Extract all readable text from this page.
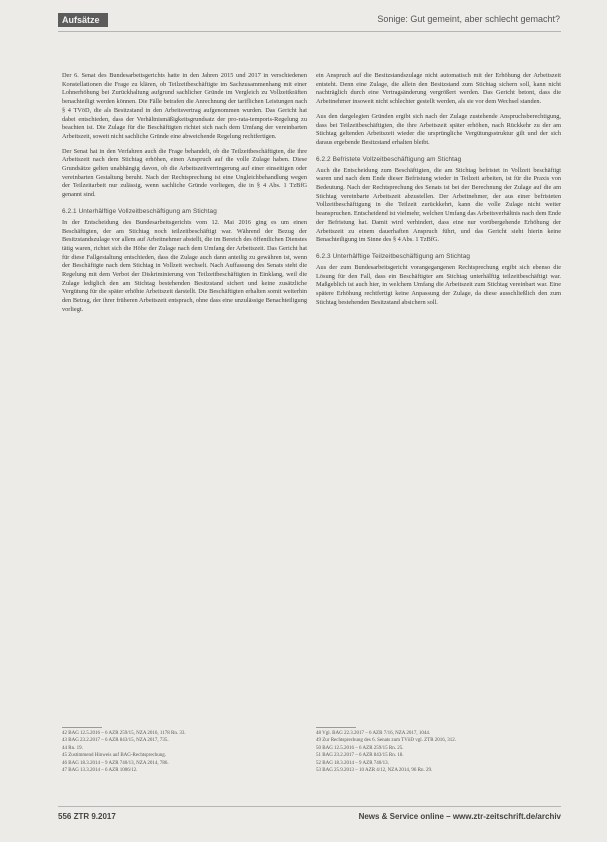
Aufsätze	Sonige: Gut gemeint, aber schlecht gemacht?

Der 6. Senat des Bundesarbeitsgerichts hatte in den Jahren 2015 und 2017 in verschiedenen Konstellationen die Frage zu klären, ob Teilzeitbeschäftigte im Sachzusammenhang mit einer Lohnerhöhung bei Zurückhaltung aufgrund sachlicher Gründe im Vergleich zu Vollzeitkräften benachteiligt werden können. Die Fälle betrafen die Anrechnung der tariflichen Leistungen nach § 4 TVöD, die als Besitzstand in den Arbeitsvertrag aufgenommen wurden. Das Gericht hat dabei entschieden, dass der Verhältnismäßigkeitsgrundsatz der pro-rata-temporis-Regelung zu beachten ist. Die Zulage für die Beschäftigten richtet sich nach dem Umfang der vereinbarten Arbeitszeit, soweit nicht sachliche Gründe eine abweichende Regelung rechtfertigen.

Der Senat hat in den Verfahren auch die Frage behandelt, ob die Teilzeitbeschäftigten, die ihre Arbeitszeit nach dem Stichtag erhöhen, einen Anspruch auf die volle Zulage haben. Diese Grundsätze gelten unabhängig davon, ob die Arbeitszeitverringerung auf einer einseitigen oder vereinbarten Gestaltung beruht. Nach der Rechtsprechung ist eine Ungleichbehandlung wegen der Teilzeitarbeit nur zulässig, wenn sachliche Gründe vorliegen, die in § 4 Abs. 1 TzBfG genannt sind.

6.2.1 Unterhälftige Vollzeitbeschäftigung am Stichtag

In der Entscheidung des Bundesarbeitsgerichts vom 12. Mai 2016 ging es um einen Beschäftigten, der am Stichtag noch teilzeitbeschäftigt war. Während der Bezug der Besitzstandszulage vor allem auf Arbeitnehmer abstellt, die im Bereich des öffentlichen Dienstes tätig waren, richtet sich die Höhe der Zulage nach dem Umfang der Arbeitszeit. Das Gericht hat für diese Fallgestaltung entschieden, dass die Zulage auch dann anteilig zu gewähren ist, wenn der Beschäftigte nach dem Stichtag in Vollzeit wechselt. Nach Auffassung des Senats steht die Regelung mit dem Verbot der Diskriminierung von Teilzeitbeschäftigten in Einklang, weil die Zulage lediglich den am Stichtag bestehenden Besitzstand sichert und keine zusätzliche Vergütung für die später erhöhte Arbeitszeit darstellt. Die Beschäftigten erhalten somit weiterhin den Betrag, der ihrer früheren Arbeitszeit entsprach, ohne dass eine unzulässige Benachteiligung vorliegt.

ein Anspruch auf die Besitzstandszulage nicht automatisch mit der Erhöhung der Arbeitszeit entsteht. Denn eine Zulage, die allein den Besitzstand zum Stichtag sichern soll, kann nicht nachträglich durch eine Vertragsänderung vergrößert werden. Das Gericht betont, dass die Arbeitnehmer insoweit nicht schlechter gestellt werden, als sie vor dem Wechsel standen.

Aus den dargelegten Gründen ergibt sich nach der Zulage zustehende Anspruchsberechtigung, dass bei Teilzeitbeschäftigten, die ihre Arbeitszeit später erhöhen, nach Rückkehr zu der am Stichtag geltenden Arbeitszeit wieder die ursprüngliche Vergütungsstruktur gilt und der sich daraus ergebende Besitzstand erhalten bleibt.

6.2.2 Befristete Vollzeitbeschäftigung am Stichtag

Auch die Entscheidung zum Beschäftigten, die am Stichtag befristet in Vollzeit beschäftigt waren und nach dem Ende dieser Befristung wieder in Teilzeit arbeiten, ist für die Praxis von Bedeutung. Nach der Rechtsprechung des Senats ist bei der Berechnung der Zulage auf die am Stichtag vereinbarte Arbeitszeit abzustellen. Der Arbeitnehmer, der aus einer befristeten Vollzeitbeschäftigung in die Teilzeit zurückkehrt, kann die volle Zulage nicht weiter beanspruchen. Entscheidend ist vielmehr, welchen Umfang das Arbeitsverhältnis nach dem Ende der Befristung hat. Damit wird verhindert, dass eine nur vorübergehende Erhöhung der Arbeitszeit zu einem dauerhaften Anspruch führt, und das Gericht sieht hierin keine Benachteiligung im Sinne des § 4 Abs. 1 TzBfG.

6.2.3 Unterhälftige Teilzeitbeschäftigung am Stichtag

Aus der zum Bundesarbeitsgericht vorangegangenen Rechtsprechung ergibt sich ebenso die Lösung für den Fall, dass ein Beschäftigter am Stichtag unterhälftig teilzeitbeschäftigt war. Maßgeblich ist auch hier, in welchem Umfang die Arbeitszeit zum Stichtag vereinbart war. Eine spätere Erhöhung rechtfertigt keine Anpassung der Zulage, da diese ausschließlich den zum Stichtag bestehenden Besitzstand absichern soll.

42 BAG 12.5.2016 – 6 AZR 259/15, NZA 2016, 1178 Rn. 33.
43 BAG 23.2.2017 – 6 AZR 843/15, NZA 2017, 735.
44 Rn. 19.
45 Zustimmend Hinweis auf BAG-Rechtsprechung.
46 BAG 18.3.2014 – 9 AZR 740/13, NZA 2014, 786.
47 BAG 13.3.2014 – 6 AZR 1006/12.
48 Vgl. BAG 22.3.2017 – 6 AZR 7/16, NZA 2017, 1044.
49 Zur Rechtsprechung des 6. Senats zum TVöD vgl. ZTR 2016, 312.
50 BAG 12.5.2016 – 6 AZR 259/15 Rn. 25.
51 BAG 23.2.2017 – 6 AZR 843/15 Rn. 18.
52 BAG 18.3.2014 – 9 AZR 740/13.
53 BAG 25.9.2013 – 10 AZR 4/12, NZA 2014, 96 Rn. 29.
556 ZTR 9.2017	News & Service online – www.ztr-zeitschrift.de/archiv
